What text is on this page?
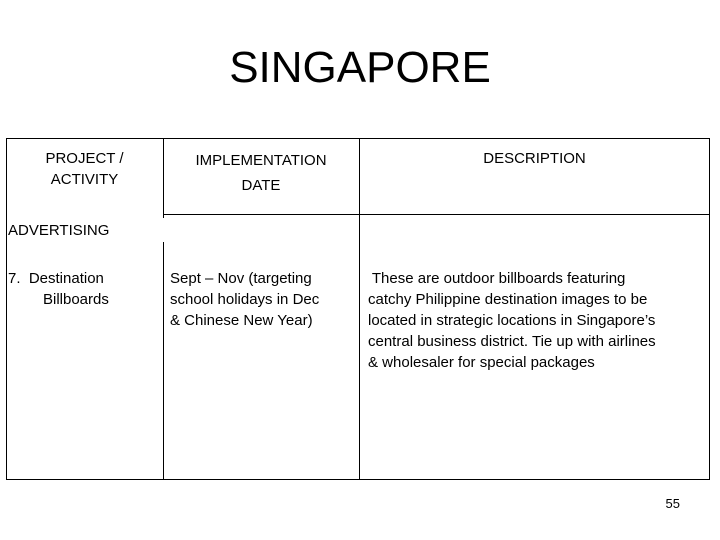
SINGAPORE
PROJECT /
ACTIVITY
IMPLEMENTATION
DATE
DESCRIPTION
ADVERTISING
7.  Destination
Billboards
Sept – Nov (targeting
school holidays in Dec
& Chinese New Year)
These are outdoor billboards featuring
catchy Philippine destination images to be
located in strategic locations in Singapore’s
central business district. Tie up with airlines
& wholesaler for special packages
55
